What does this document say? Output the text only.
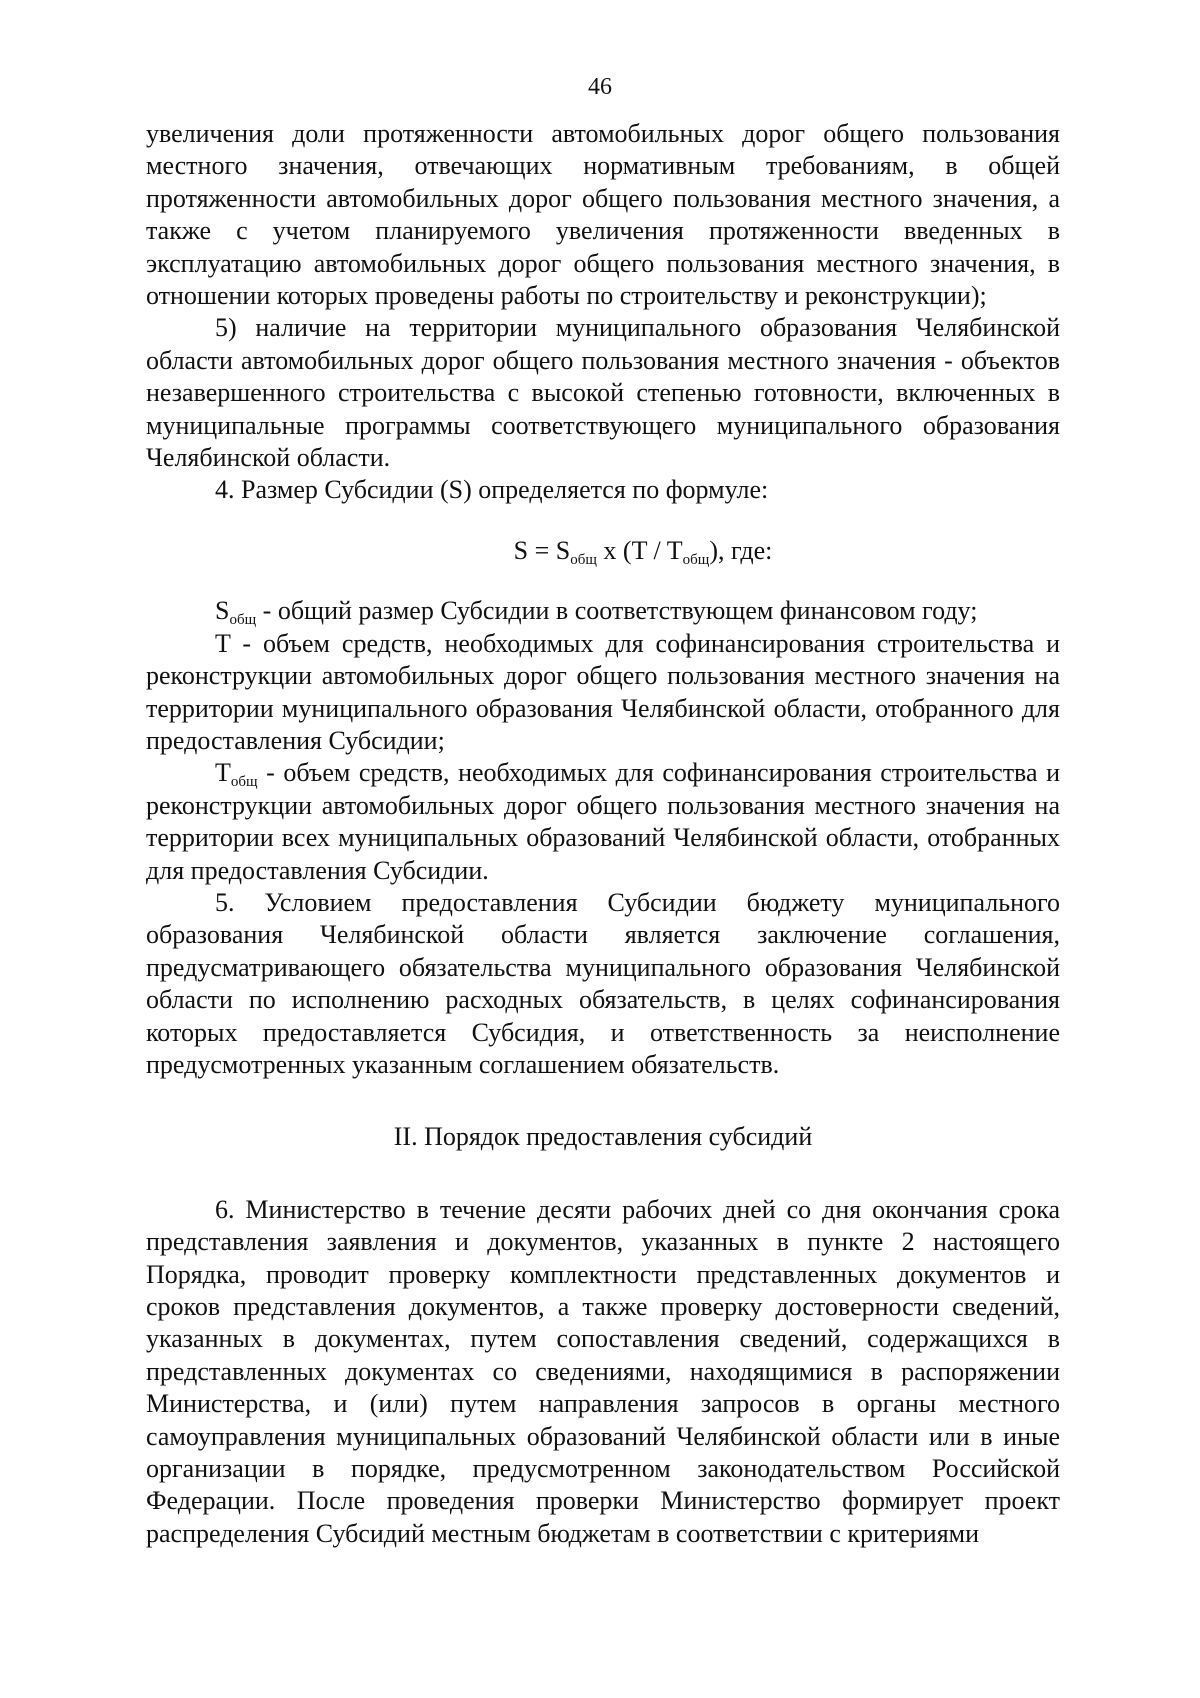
46

увеличения доли протяженности автомобильных дорог общего пользования местного значения, отвечающих нормативным требованиям, в общей протяженности автомобильных дорог общего пользования местного значения, а также с учетом планируемого увеличения протяженности введенных в эксплуатацию автомобильных дорог общего пользования местного значения, в отношении которых проведены работы по строительству и реконструкции);

5) наличие на территории муниципального образования Челябинской области автомобильных дорог общего пользования местного значения - объектов незавершенного строительства с высокой степенью готовности, включенных в муниципальные программы соответствующего муниципального образования Челябинской области.

4. Размер Субсидии (S) определяется по формуле:

$S = S_{общ}$ x $(T / T_{общ})$, где:

$S_{общ}$ - общий размер Субсидии в соответствующем финансовом году;

T - объем средств, необходимых для софинансирования строительства и реконструкции автомобильных дорог общего пользования местного значения на территории муниципального образования Челябинской области, отобранного для предоставления Субсидии;

$T_{общ}$ - объем средств, необходимых для софинансирования строительства и реконструкции автомобильных дорог общего пользования местного значения на территории всех муниципальных образований Челябинской области, отобранных для предоставления Субсидии.

5. Условием предоставления Субсидии бюджету муниципального образования Челябинской области является заключение соглашения, предусматривающего обязательства муниципального образования Челябинской области по исполнению расходных обязательств, в целях софинансирования которых предоставляется Субсидия, и ответственность за неисполнение предусмотренных указанным соглашением обязательств.

II. Порядок предоставления субсидий

6. Министерство в течение десяти рабочих дней со дня окончания срока представления заявления и документов, указанных в пункте 2 настоящего Порядка, проводит проверку комплектности представленных документов и сроков представления документов, а также проверку достоверности сведений, указанных в документах, путем сопоставления сведений, содержащихся в представленных документах со сведениями, находящимися в распоряжении Министерства, и (или) путем направления запросов в органы местного самоуправления муниципальных образований Челябинской области или в иные организации в порядке, предусмотренном законодательством Российской Федерации. После проведения проверки Министерство формирует проект распределения Субсидий местным бюджетам в соответствии с критериями
